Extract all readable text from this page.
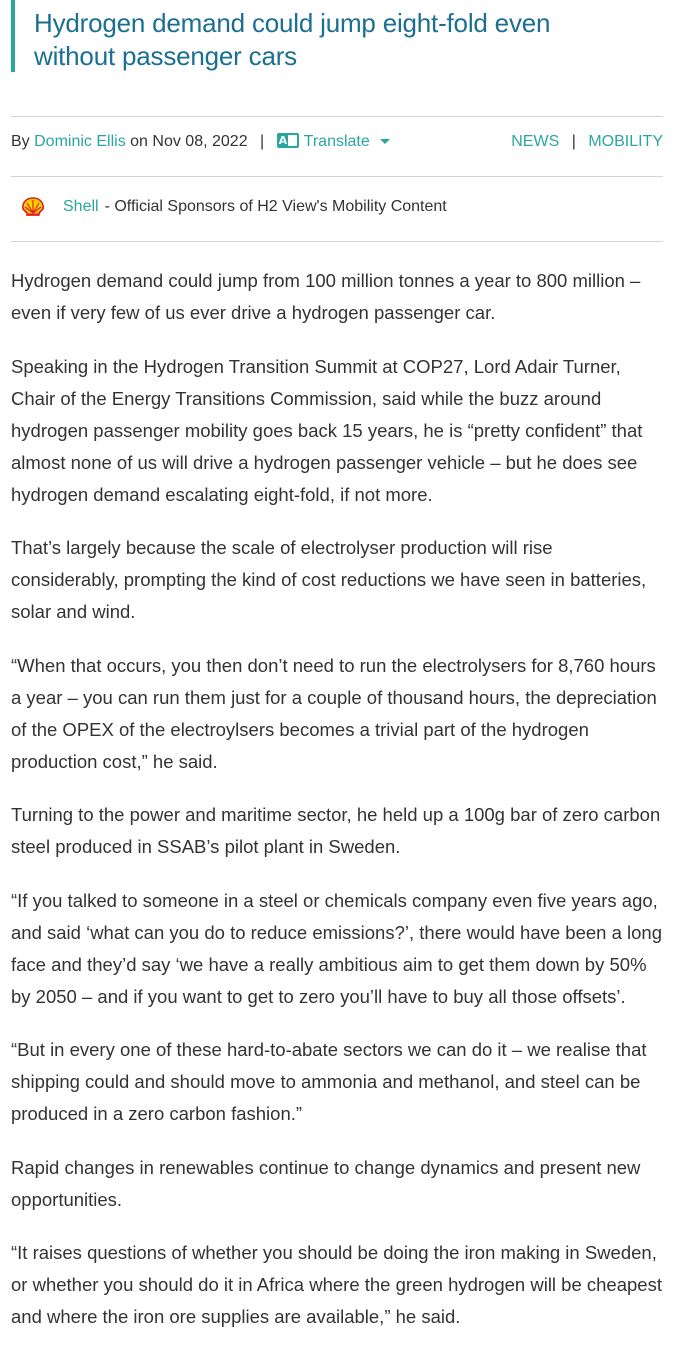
Hydrogen demand could jump eight-fold even without passenger cars
By Dominic Ellis on Nov 08, 2022 | A Translate	NEWS | MOBILITY
Shell - Official Sponsors of H2 View's Mobility Content

Hydrogen demand could jump from 100 million tonnes a year to 800 million – even if very few of us ever drive a hydrogen passenger car.

Speaking in the Hydrogen Transition Summit at COP27, Lord Adair Turner, Chair of the Energy Transitions Commission, said while the buzz around hydrogen passenger mobility goes back 15 years, he is “pretty confident” that almost none of us will drive a hydrogen passenger vehicle – but he does see hydrogen demand escalating eight-fold, if not more.

That’s largely because the scale of electrolyser production will rise considerably, prompting the kind of cost reductions we have seen in batteries, solar and wind.

“When that occurs, you then don’t need to run the electrolysers for 8,760 hours a year – you can run them just for a couple of thousand hours, the depreciation of the OPEX of the electroylsers becomes a trivial part of the hydrogen production cost,” he said.

Turning to the power and maritime sector, he held up a 100g bar of zero carbon steel produced in SSAB’s pilot plant in Sweden.

“If you talked to someone in a steel or chemicals company even five years ago, and said ‘what can you do to reduce emissions?’, there would have been a long face and they’d say ‘we have a really ambitious aim to get them down by 50% by 2050 – and if you want to get to zero you’ll have to buy all those offsets’.

“But in every one of these hard-to-abate sectors we can do it – we realise that shipping could and should move to ammonia and methanol, and steel can be produced in a zero carbon fashion.”

Rapid changes in renewables continue to change dynamics and present new opportunities.

“It raises questions of whether you should be doing the iron making in Sweden, or whether you should do it in Africa where the green hydrogen will be cheapest and where the iron ore supplies are available,” he said.
